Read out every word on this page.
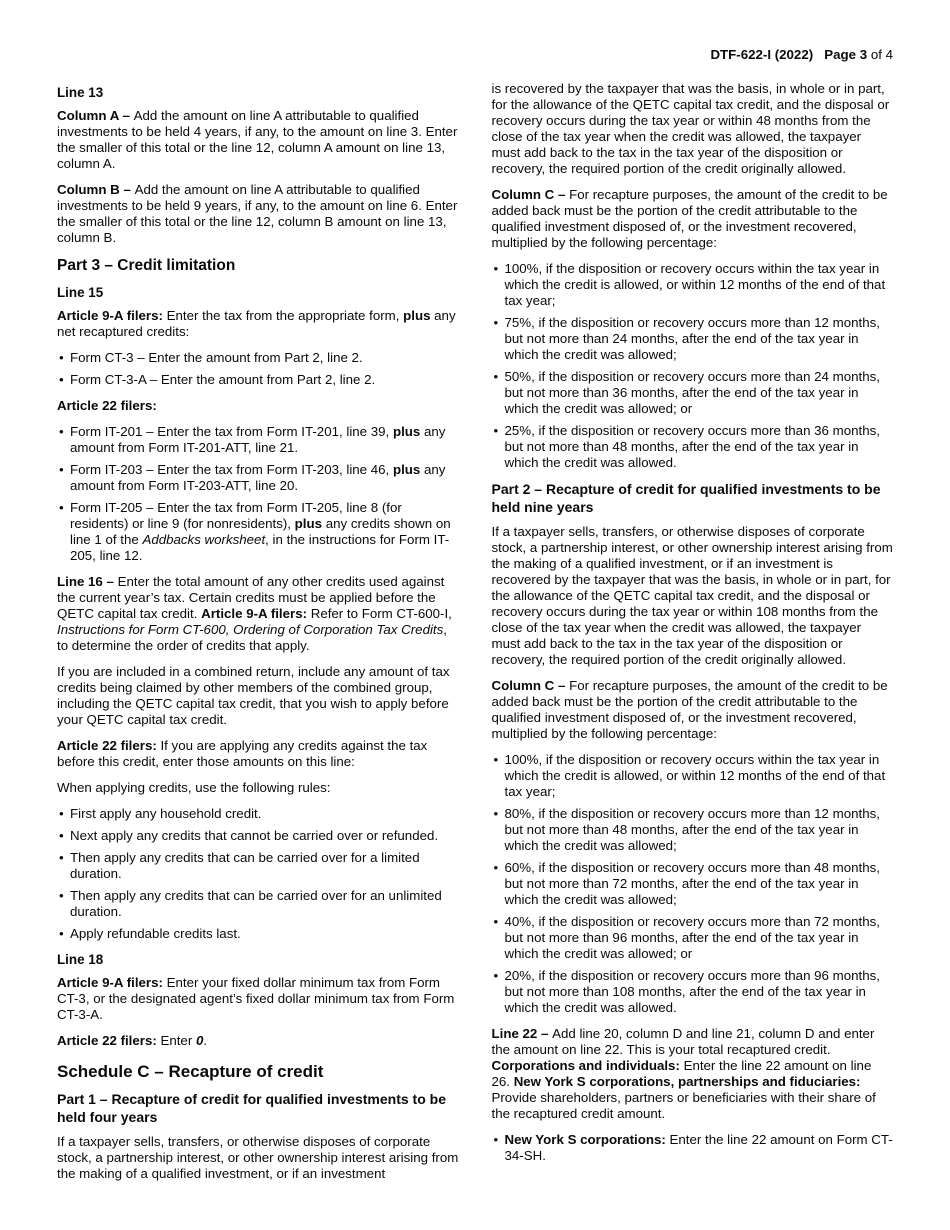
DTF-622-I (2022) Page 3 of 4
Line 13

Column A – Add the amount on line A attributable to qualified investments to be held 4 years, if any, to the amount on line 3. Enter the smaller of this total or the line 12, column A amount on line 13, column A.

Column B – Add the amount on line A attributable to qualified investments to be held 9 years, if any, to the amount on line 6. Enter the smaller of this total or the line 12, column B amount on line 13, column B.

Part 3 – Credit limitation
Line 15

Article 9-A filers: Enter the tax from the appropriate form, plus any net recaptured credits:

• Form CT-3 – Enter the amount from Part 2, line 2.
• Form CT-3-A – Enter the amount from Part 2, line 2.

Article 22 filers:

• Form IT-201 – Enter the tax from Form IT-201, line 39, plus any amount from Form IT-201-ATT, line 21.
• Form IT-203 – Enter the tax from Form IT-203, line 46, plus any amount from Form IT-203-ATT, line 20.
• Form IT-205 – Enter the tax from Form IT-205, line 8 (for residents) or line 9 (for nonresidents), plus any credits shown on line 1 of the Addbacks worksheet, in the instructions for Form IT-205, line 12.

Line 16 – Enter the total amount of any other credits used against the current year’s tax. Certain credits must be applied before the QETC capital tax credit. Article 9-A filers: Refer to Form CT-600-I, Instructions for Form CT-600, Ordering of Corporation Tax Credits, to determine the order of credits that apply.

If you are included in a combined return, include any amount of tax credits being claimed by other members of the combined group, including the QETC capital tax credit, that you wish to apply before your QETC capital tax credit.

Article 22 filers: If you are applying any credits against the tax before this credit, enter those amounts on this line:

When applying credits, use the following rules:

• First apply any household credit.
• Next apply any credits that cannot be carried over or refunded.
• Then apply any credits that can be carried over for a limited duration.
• Then apply any credits that can be carried over for an unlimited duration.
• Apply refundable credits last.
Line 18

Article 9-A filers: Enter your fixed dollar minimum tax from Form CT-3, or the designated agent’s fixed dollar minimum tax from Form CT-3-A.

Article 22 filers: Enter 0.

Schedule C – Recapture of credit
Part 1 – Recapture of credit for qualified investments to be held four years

If a taxpayer sells, transfers, or otherwise disposes of corporate stock, a partnership interest, or other ownership interest arising from the making of a qualified investment, or if an investment

is recovered by the taxpayer that was the basis, in whole or in part, for the allowance of the QETC capital tax credit, and the disposal or recovery occurs during the tax year or within 48 months from the close of the tax year when the credit was allowed, the taxpayer must add back to the tax in the tax year of the disposition or recovery, the required portion of the credit originally allowed.

Column C – For recapture purposes, the amount of the credit to be added back must be the portion of the credit attributable to the qualified investment disposed of, or the investment recovered, multiplied by the following percentage:

• 100%, if the disposition or recovery occurs within the tax year in which the credit is allowed, or within 12 months of the end of that tax year;
• 75%, if the disposition or recovery occurs more than 12 months, but not more than 24 months, after the end of the tax year in which the credit was allowed;
• 50%, if the disposition or recovery occurs more than 24 months, but not more than 36 months, after the end of the tax year in which the credit was allowed; or
• 25%, if the disposition or recovery occurs more than 36 months, but not more than 48 months, after the end of the tax year in which the credit was allowed.
Part 2 – Recapture of credit for qualified investments to be held nine years

If a taxpayer sells, transfers, or otherwise disposes of corporate stock, a partnership interest, or other ownership interest arising from the making of a qualified investment, or if an investment is recovered by the taxpayer that was the basis, in whole or in part, for the allowance of the QETC capital tax credit, and the disposal or recovery occurs during the tax year or within 108 months from the close of the tax year when the credit was allowed, the taxpayer must add back to the tax in the tax year of the disposition or recovery, the required portion of the credit originally allowed.

Column C – For recapture purposes, the amount of the credit to be added back must be the portion of the credit attributable to the qualified investment disposed of, or the investment recovered, multiplied by the following percentage:

• 100%, if the disposition or recovery occurs within the tax year in which the credit is allowed, or within 12 months of the end of that tax year;
• 80%, if the disposition or recovery occurs more than 12 months, but not more than 48 months, after the end of the tax year in which the credit was allowed;
• 60%, if the disposition or recovery occurs more than 48 months, but not more than 72 months, after the end of the tax year in which the credit was allowed;
• 40%, if the disposition or recovery occurs more than 72 months, but not more than 96 months, after the end of the tax year in which the credit was allowed; or
• 20%, if the disposition or recovery occurs more than 96 months, but not more than 108 months, after the end of the tax year in which the credit was allowed.

Line 22 – Add line 20, column D and line 21, column D and enter the amount on line 22. This is your total recaptured credit. Corporations and individuals: Enter the line 22 amount on line 26. New York S corporations, partnerships and fiduciaries: Provide shareholders, partners or beneficiaries with their share of the recaptured credit amount.

• New York S corporations: Enter the line 22 amount on Form CT-34-SH.
